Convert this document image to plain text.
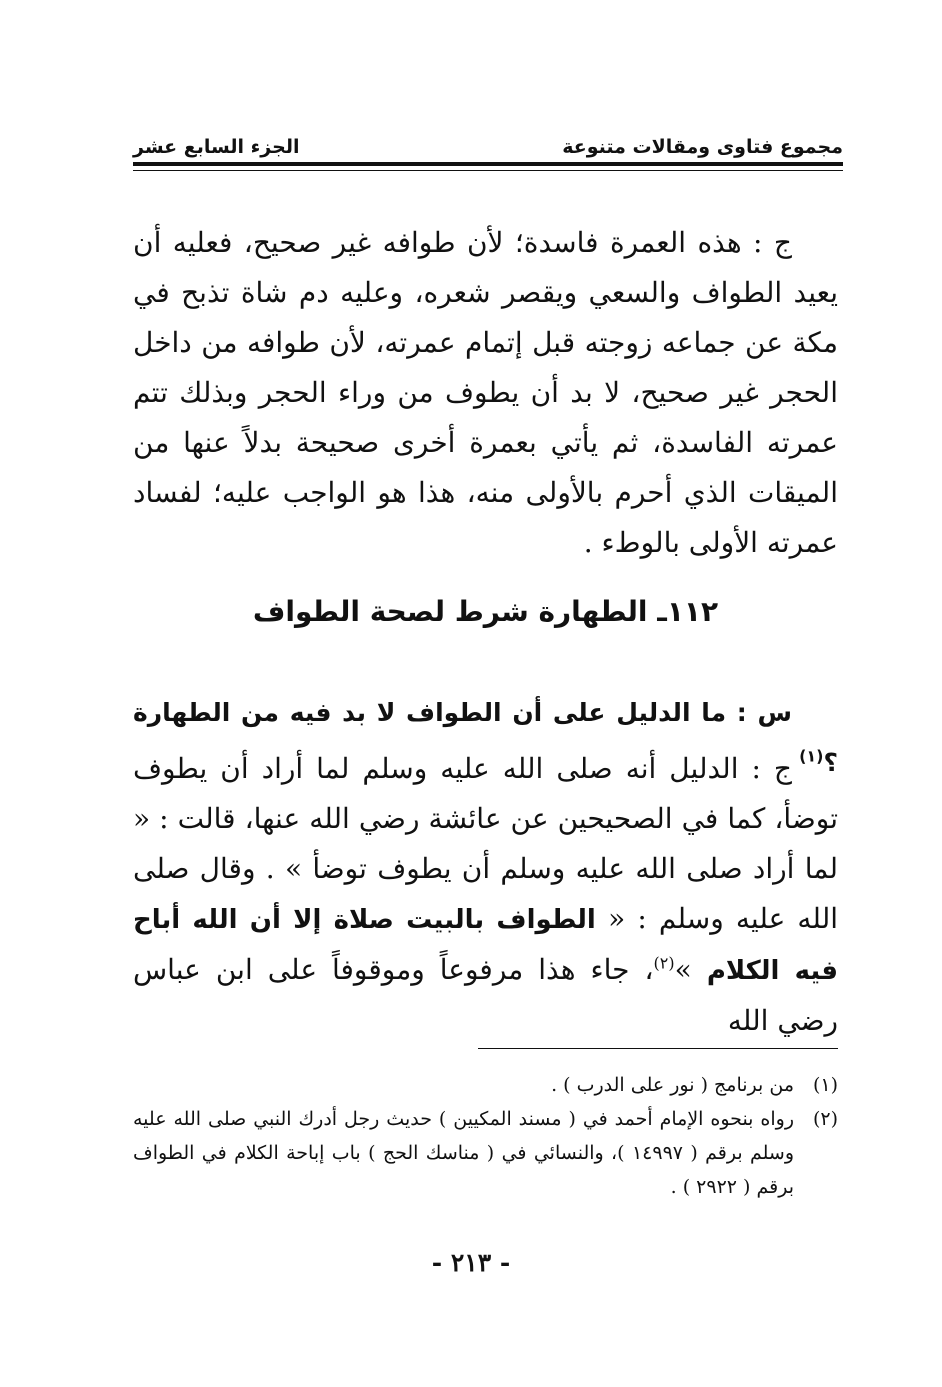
مجموع فتاوى ومقالات متنوعة
الجزء السابع عشر

ج : هذه العمرة فاسدة؛ لأن طوافه غير صحيح، فعليه أن يعيد الطواف والسعي ويقصر شعره، وعليه دم شاة تذبح في مكة عن جماعه زوجته قبل إتمام عمرته، لأن طوافه من داخل الحجر غير صحيح، لا بد أن يطوف من وراء الحجر وبذلك تتم عمرته الفاسدة، ثم يأتي بعمرة أخرى صحيحة بدلاً عنها من الميقات الذي أحرم بالأولى منه، هذا هو الواجب عليه؛ لفساد عمرته الأولى بالوطء .

١١٢ـ الطهارة شرط لصحة الطواف

س : ما الدليل على أن الطواف لا بد فيه من الطهارة ؟$^{(١)}$

ج : الدليل أنه صلى الله عليه وسلم لما أراد أن يطوف توضأ، كما في الصحيحين عن عائشة رضي الله عنها، قالت : « لما أراد صلى الله عليه وسلم أن يطوف توضأ » . وقال صلى الله عليه وسلم : « الطواف بالبيت صلاة إلا أن الله أباح فيه الكلام »$^{(٢)}$، جاء هذا مرفوعاً وموقوفاً على ابن عباس رضي الله

(١)
من برنامج ( نور على الدرب ) .
(٢)
رواه بنحوه الإمام أحمد في ( مسند المكيين ) حديث رجل أدرك النبي صلى الله عليه وسلم برقم ( ١٤٩٩٧ )، والنسائي في ( مناسك الحج ) باب إباحة الكلام في الطواف برقم ( ٢٩٢٢ ) .
- ٢١٣ -
